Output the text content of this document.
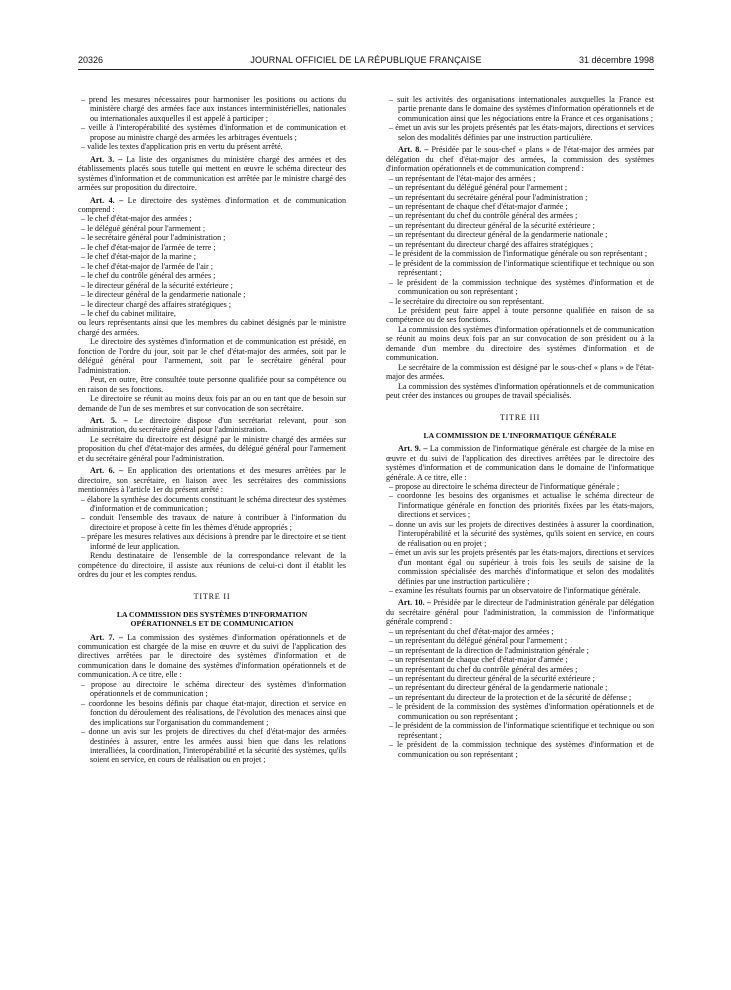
20326	JOURNAL OFFICIEL DE LA RÉPUBLIQUE FRANÇAISE	31 décembre 1998

– prend les mesures nécessaires pour harmoniser les positions ou actions du ministère chargé des armées face aux instances interministérielles, nationales ou internationales auxquelles il est appelé à participer ;

– veille à l'interopérabilité des systèmes d'information et de communication et propose au ministre chargé des armées les arbitrages éventuels ;

– valide les textes d'application pris en vertu du présent arrêté.

Art. 3. – La liste des organismes du ministère chargé des armées et des établissements placés sous tutelle qui mettent en œuvre le schéma directeur des systèmes d'information et de communication est arrêtée par le ministre chargé des armées sur proposition du directoire.

Art. 4. – Le directoire des systèmes d'information et de communication comprend :

– le chef d'état-major des armées ;

– le délégué général pour l'armement ;

– le secrétaire général pour l'administration ;

– le chef d'état-major de l'armée de terre ;

– le chef d'état-major de la marine ;

– le chef d'état-major de l'armée de l'air ;

– le chef du contrôle général des armées ;

– le directeur général de la sécurité extérieure ;

– le directeur général de la gendarmerie nationale ;

– le directeur chargé des affaires stratégiques ;

– le chef du cabinet militaire,

ou leurs représentants ainsi que les membres du cabinet désignés par le ministre chargé des armées.

Le directoire des systèmes d'information et de communication est présidé, en fonction de l'ordre du jour, soit par le chef d'état-major des armées, soit par le délégué général pour l'armement, soit par le secrétaire général pour l'administration.

Peut, en outre, être consultée toute personne qualifiée pour sa compétence ou en raison de ses fonctions.

Le directoire se réunit au moins deux fois par an ou en tant que de besoin sur demande de l'un de ses membres et sur convocation de son secrétaire.

Art. 5. – Le directoire dispose d'un secrétariat relevant, pour son administration, du secrétaire général pour l'administration.

Le secrétaire du directoire est désigné par le ministre chargé des armées sur proposition du chef d'état-major des armées, du délégué général pour l'armement et du secrétaire général pour l'administration.

Art. 6. – En application des orientations et des mesures arrêtées par le directoire, son secrétaire, en liaison avec les secrétaires des commissions mentionnées à l'article 1er du présent arrêté :

– élabore la synthèse des documents constituant le schéma directeur des systèmes d'information et de communication ;

– conduit l'ensemble des travaux de nature à contribuer à l'information du directoire et propose à cette fin les thèmes d'étude appropriés ;

– prépare les mesures relatives aux décisions à prendre par le directoire et se tient informé de leur application.

Rendu destinataire de l'ensemble de la correspondance relevant de la compétence du directoire, il assiste aux réunions de celui-ci dont il établit les ordres du jour et les comptes rendus.

TITRE II

LA COMMISSION DES SYSTÈMES D'INFORMATION

OPÉRATIONNELS ET DE COMMUNICATION

Art. 7. – La commission des systèmes d'information opérationnels et de communication est chargée de la mise en œuvre et du suivi de l'application des directives arrêtées par le directoire des systèmes d'information et de communication dans le domaine des systèmes d'information opérationnels et de communication. A ce titre, elle :

– propose au directoire le schéma directeur des systèmes d'information opérationnels et de communication ;

– coordonne les besoins définis par chaque état-major, direction et service en fonction du déroulement des réalisations, de l'évolution des menaces ainsi que des implications sur l'organisation du commandement ;

– donne un avis sur les projets de directives du chef d'état-major des armées destinées à assurer, entre les armées aussi bien que dans les relations interalliées, la coordination, l'interopérabilité et la sécurité des systèmes, qu'ils soient en service, en cours de réalisation ou en projet ;

– suit les activités des organisations internationales auxquelles la France est partie prenante dans le domaine des systèmes d'information opérationnels et de communication ainsi que les négociations entre la France et ces organisations ;

– émet un avis sur les projets présentés par les états-majors, directions et services selon des modalités définies par une instruction particulière.

Art. 8. – Présidée par le sous-chef « plans » de l'état-major des armées par délégation du chef d'état-major des armées, la commission des systèmes d'information opérationnels et de communication comprend :

– un représentant de l'état-major des armées ;

– un représentant du délégué général pour l'armement ;

– un représentant du secrétaire général pour l'administration ;

– un représentant de chaque chef d'état-major d'armée ;

– un représentant du chef du contrôle général des armées ;

– un représentant du directeur général de la sécurité extérieure ;

– un représentant du directeur général de la gendarmerie nationale ;

– un représentant du directeur chargé des affaires stratégiques ;

– le président de la commission de l'informatique générale ou son représentant ;

– le président de la commission de l'informatique scientifique et technique ou son représentant ;

– le président de la commission technique des systèmes d'information et de communication ou son représentant ;

– le secrétaire du directoire ou son représentant.

Le président peut faire appel à toute personne qualifiée en raison de sa compétence ou de ses fonctions.

La commission des systèmes d'information opérationnels et de communication se réunit au moins deux fois par an sur convocation de son président ou à la demande d'un membre du directoire des systèmes d'information et de communication.

Le secrétaire de la commission est désigné par le sous-chef « plans » de l'état-major des armées.

La commission des systèmes d'information opérationnels et de communication peut créer des instances ou groupes de travail spécialisés.

TITRE III

LA COMMISSION DE L'INFORMATIQUE GÉNÉRALE

Art. 9. – La commission de l'informatique générale est chargée de la mise en œuvre et du suivi de l'application des directives arrêtées par le directoire des systèmes d'information et de communication dans le domaine de l'informatique générale. A ce titre, elle :

– propose au directoire le schéma directeur de l'informatique générale ;

– coordonne les besoins des organismes et actualise le schéma directeur de l'informatique générale en fonction des priorités fixées par les états-majors, directions et services ;

– donne un avis sur les projets de directives destinées à assurer la coordination, l'interopérabilité et la sécurité des systèmes, qu'ils soient en service, en cours de réalisation ou en projet ;

– émet un avis sur les projets présentés par les états-majors, directions et services d'un montant égal ou supérieur à trois fois les seuils de saisine de la commission spécialisée des marchés d'informatique et selon des modalités définies par une instruction particulière ;

– examine les résultats fournis par un observatoire de l'informatique générale.

Art. 10. – Présidée par le directeur de l'administration générale par délégation du secrétaire général pour l'administration, la commission de l'informatique générale comprend :

– un représentant du chef d'état-major des armées ;

– un représentant du délégué général pour l'armement ;

– un représentant de la direction de l'administration générale ;

– un représentant de chaque chef d'état-major d'armée ;

– un représentant du chef du contrôle général des armées ;

– un représentant du directeur général de la sécurité extérieure ;

– un représentant du directeur général de la gendarmerie nationale ;

– un représentant du directeur de la protection et de la sécurité de défense ;

– le président de la commission des systèmes d'information opérationnels et de communication ou son représentant ;

– le président de la commission de l'informatique scientifique et technique ou son représentant ;

– le président de la commission technique des systèmes d'information et de communication ou son représentant ;
